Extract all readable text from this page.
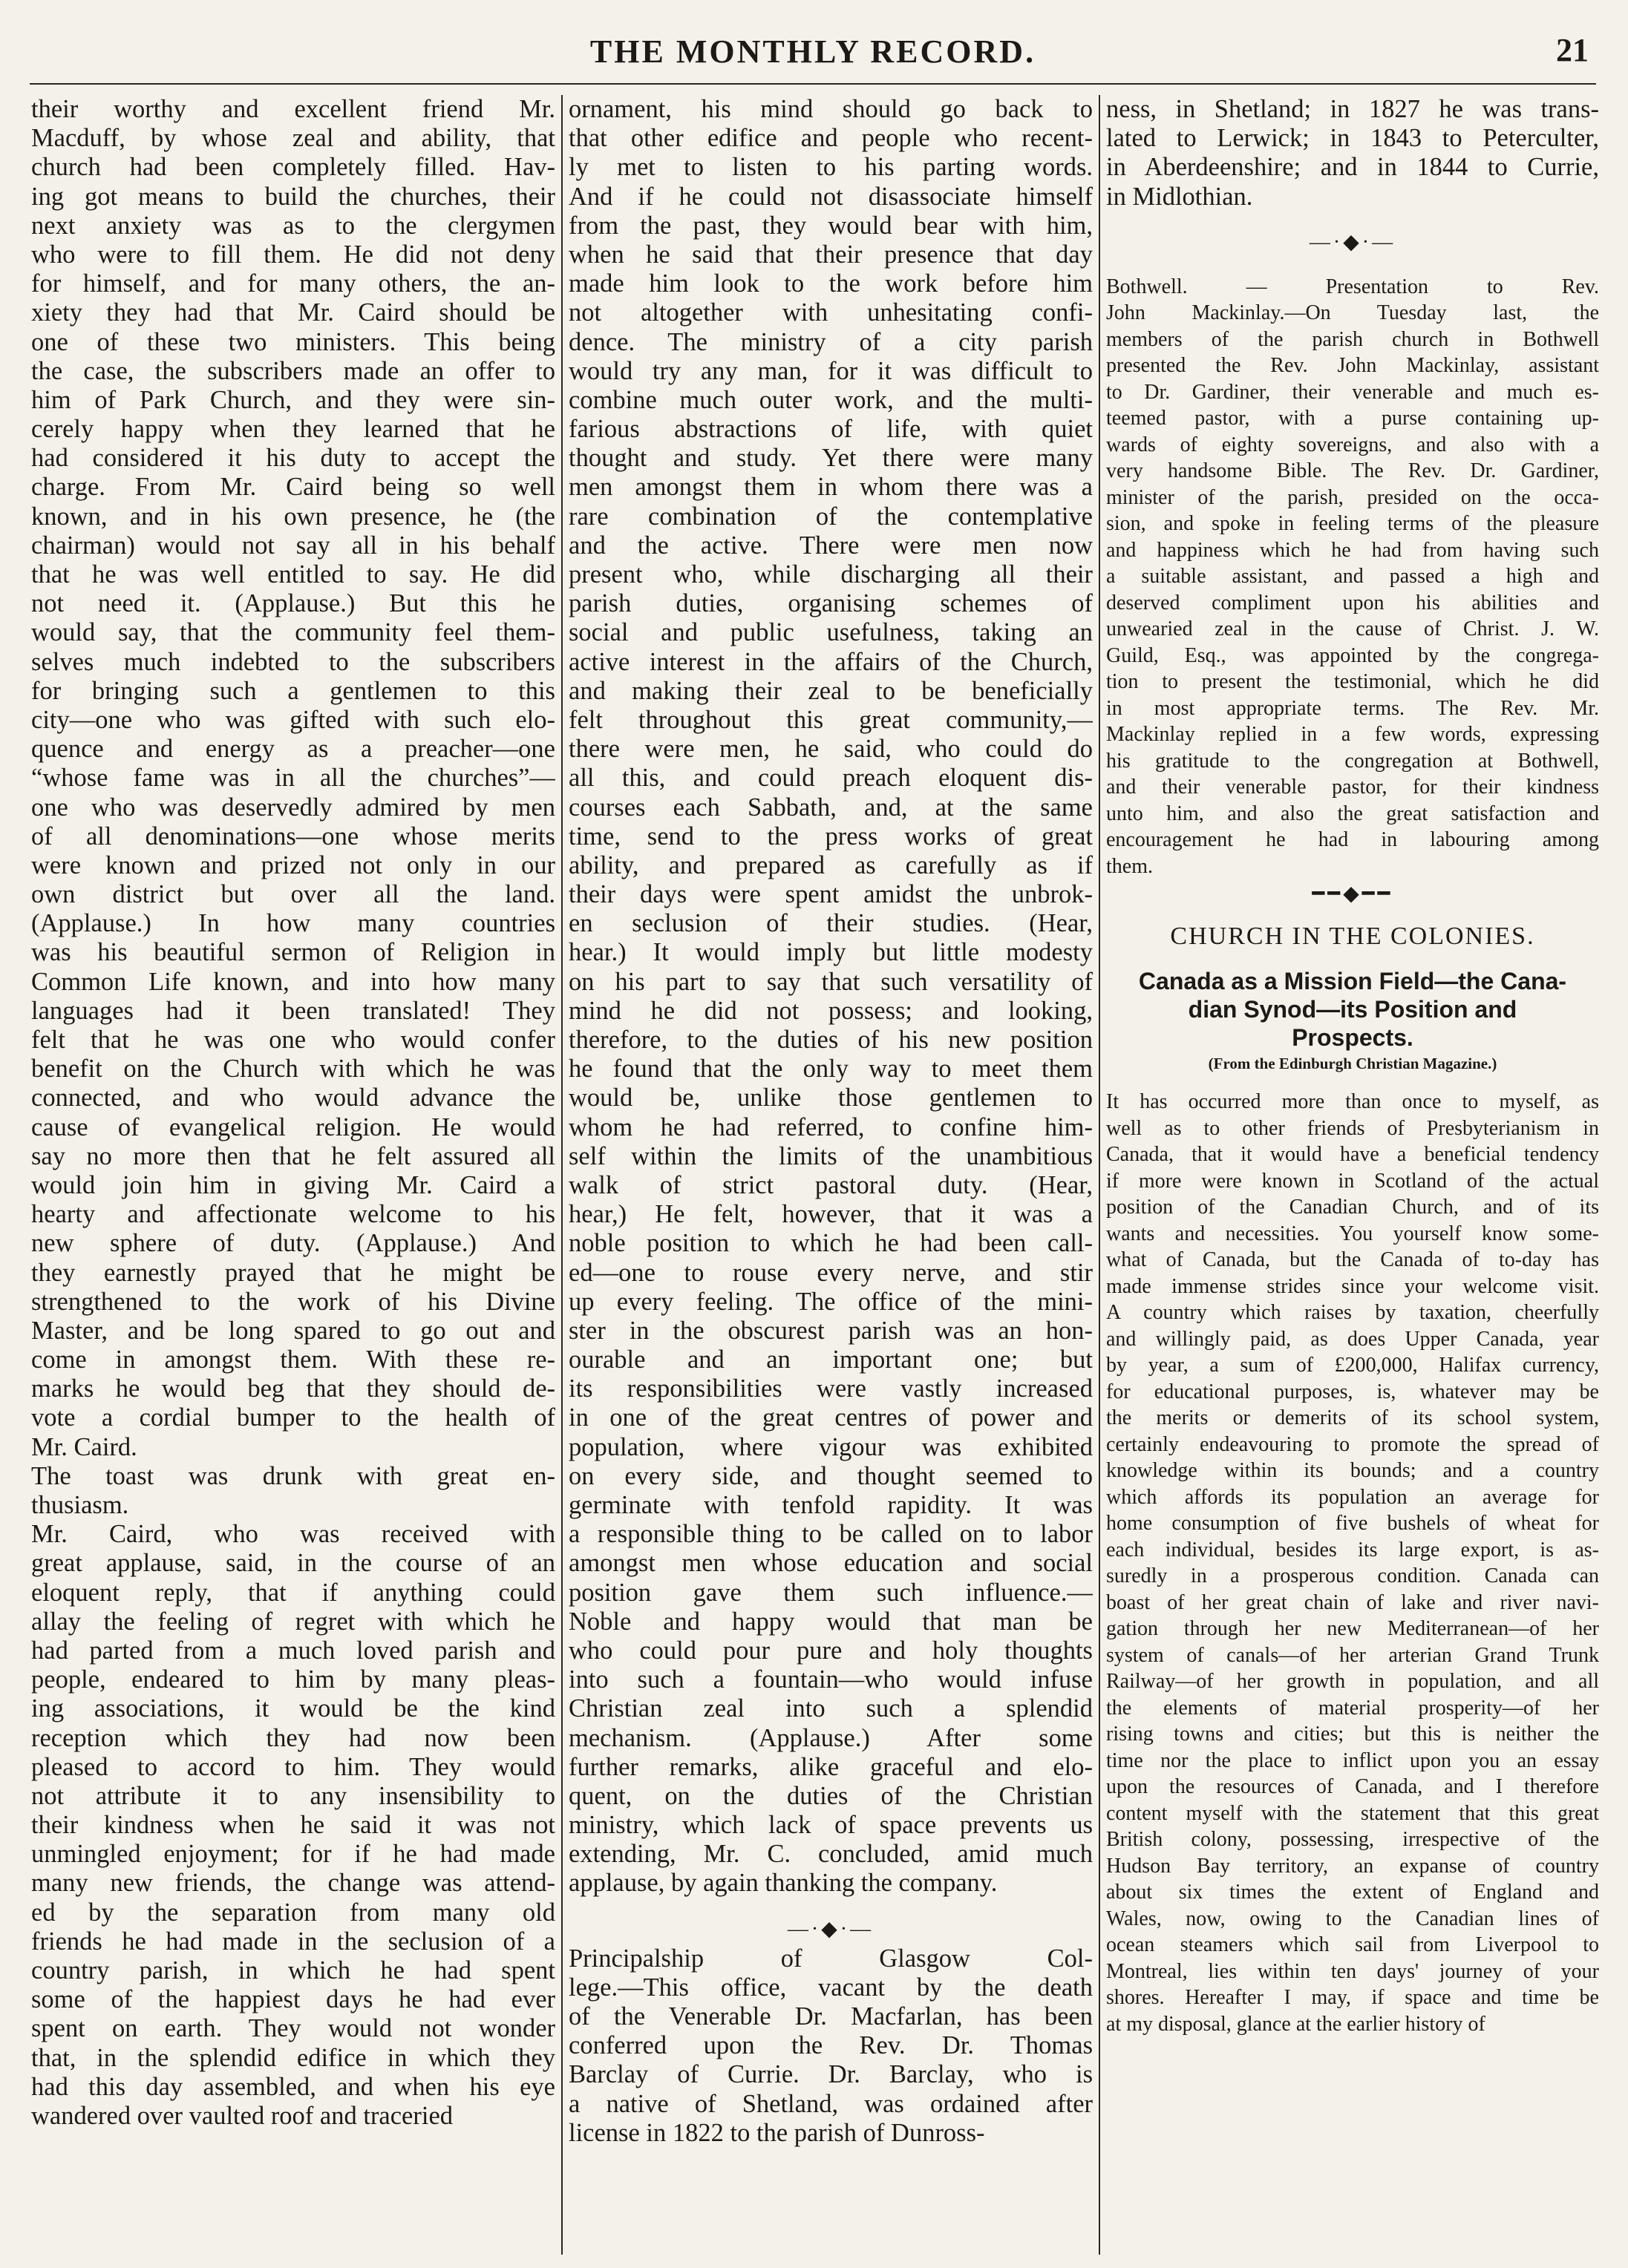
THE MONTHLY RECORD.	21
their worthy and excellent friend Mr.
Macduff, by whose zeal and ability, that
church had been completely filled. Hav-
ing got means to build the churches, their
next anxiety was as to the clergymen
who were to fill them. He did not deny
for himself, and for many others, the an-
xiety they had that Mr. Caird should be
one of these two ministers. This being
the case, the subscribers made an offer to
him of Park Church, and they were sin-
cerely happy when they learned that he
had considered it his duty to accept the
charge. From Mr. Caird being so well
known, and in his own presence, he (the
chairman) would not say all in his behalf
that he was well entitled to say. He did
not need it. (Applause.) But this he
would say, that the community feel them-
selves much indebted to the subscribers
for bringing such a gentlemen to this
city—one who was gifted with such elo-
quence and energy as a preacher—one
“whose fame was in all the churches”—
one who was deservedly admired by men
of all denominations—one whose merits
were known and prized not only in our
own district but over all the land.
(Applause.) In how many countries
was his beautiful sermon of Religion in
Common Life known, and into how many
languages had it been translated! They
felt that he was one who would confer
benefit on the Church with which he was
connected, and who would advance the
cause of evangelical religion. He would
say no more then that he felt assured all
would join him in giving Mr. Caird a
hearty and affectionate welcome to his
new sphere of duty. (Applause.) And
they earnestly prayed that he might be
strengthened to the work of his Divine
Master, and be long spared to go out and
come in amongst them. With these re-
marks he would beg that they should de-
vote a cordial bumper to the health of
Mr. Caird.
The toast was drunk with great en-
thusiasm.
Mr. Caird, who was received with
great applause, said, in the course of an
eloquent reply, that if anything could
allay the feeling of regret with which he
had parted from a much loved parish and
people, endeared to him by many pleas-
ing associations, it would be the kind
reception which they had now been
pleased to accord to him. They would
not attribute it to any insensibility to
their kindness when he said it was not
unmingled enjoyment; for if he had made
many new friends, the change was attend-
ed by the separation from many old
friends he had made in the seclusion of a
country parish, in which he had spent
some of the happiest days he had ever
spent on earth. They would not wonder
that, in the splendid edifice in which they
had this day assembled, and when his eye
wandered over vaulted roof and traceried
ornament, his mind should go back to
that other edifice and people who recent-
ly met to listen to his parting words.
And if he could not disassociate himself
from the past, they would bear with him,
when he said that their presence that day
made him look to the work before him
not altogether with unhesitating confi-
dence. The ministry of a city parish
would try any man, for it was difficult to
combine much outer work, and the multi-
farious abstractions of life, with quiet
thought and study. Yet there were many
men amongst them in whom there was a
rare combination of the contemplative
and the active. There were men now
present who, while discharging all their
parish duties, organising schemes of
social and public usefulness, taking an
active interest in the affairs of the Church,
and making their zeal to be beneficially
felt throughout this great community,—
there were men, he said, who could do
all this, and could preach eloquent dis-
courses each Sabbath, and, at the same
time, send to the press works of great
ability, and prepared as carefully as if
their days were spent amidst the unbrok-
en seclusion of their studies. (Hear,
hear.) It would imply but little modesty
on his part to say that such versatility of
mind he did not possess; and looking,
therefore, to the duties of his new position
he found that the only way to meet them
would be, unlike those gentlemen to
whom he had referred, to confine him-
self within the limits of the unambitious
walk of strict pastoral duty. (Hear,
hear,) He felt, however, that it was a
noble position to which he had been call-
ed—one to rouse every nerve, and stir
up every feeling. The office of the mini-
ster in the obscurest parish was an hon-
ourable and an important one; but
its responsibilities were vastly increased
in one of the great centres of power and
population, where vigour was exhibited
on every side, and thought seemed to
germinate with tenfold rapidity. It was
a responsible thing to be called on to labor
amongst men whose education and social
position gave them such influence.—
Noble and happy would that man be
who could pour pure and holy thoughts
into such a fountain—who would infuse
Christian zeal into such a splendid
mechanism. (Applause.) After some
further remarks, alike graceful and elo-
quent, on the duties of the Christian
ministry, which lack of space prevents us
extending, Mr. C. concluded, amid much
applause, by again thanking the company.
—·◆·—
Principalship of Glasgow Col-
lege.—This office, vacant by the death
of the Venerable Dr. Macfarlan, has been
conferred upon the Rev. Dr. Thomas
Barclay of Currie. Dr. Barclay, who is
a native of Shetland, was ordained after
license in 1822 to the parish of Dunross-
ness, in Shetland; in 1827 he was trans-
lated to Lerwick; in 1843 to Peterculter,
in Aberdeenshire; and in 1844 to Currie,
in Midlothian.
—·◆·—
Bothwell. — Presentation to Rev.
John Mackinlay.—On Tuesday last, the
members of the parish church in Bothwell
presented the Rev. John Mackinlay, assistant
to Dr. Gardiner, their venerable and much es-
teemed pastor, with a purse containing up-
wards of eighty sovereigns, and also with a
very handsome Bible. The Rev. Dr. Gardiner,
minister of the parish, presided on the occa-
sion, and spoke in feeling terms of the pleasure
and happiness which he had from having such
a suitable assistant, and passed a high and
deserved compliment upon his abilities and
unwearied zeal in the cause of Christ. J. W.
Guild, Esq., was appointed by the congrega-
tion to present the testimonial, which he did
in most appropriate terms. The Rev. Mr.
Mackinlay replied in a few words, expressing
his gratitude to the congregation at Bothwell,
and their venerable pastor, for their kindness
unto him, and also the great satisfaction and
encouragement he had in labouring among
them.
━━◆━━
CHURCH IN THE COLONIES.
Canada as a Mission Field—the Cana-
dian Synod—its Position and
Prospects.
(From the Edinburgh Christian Magazine.)
It has occurred more than once to myself, as
well as to other friends of Presbyterianism in
Canada, that it would have a beneficial tendency
if more were known in Scotland of the actual
position of the Canadian Church, and of its
wants and necessities. You yourself know some-
what of Canada, but the Canada of to-day has
made immense strides since your welcome visit.
A country which raises by taxation, cheerfully
and willingly paid, as does Upper Canada, year
by year, a sum of £200,000, Halifax currency,
for educational purposes, is, whatever may be
the merits or demerits of its school system,
certainly endeavouring to promote the spread of
knowledge within its bounds; and a country
which affords its population an average for
home consumption of five bushels of wheat for
each individual, besides its large export, is as-
suredly in a prosperous condition. Canada can
boast of her great chain of lake and river navi-
gation through her new Mediterranean—of her
system of canals—of her arterian Grand Trunk
Railway—of her growth in population, and all
the elements of material prosperity—of her
rising towns and cities; but this is neither the
time nor the place to inflict upon you an essay
upon the resources of Canada, and I therefore
content myself with the statement that this great
British colony, possessing, irrespective of the
Hudson Bay territory, an expanse of country
about six times the extent of England and
Wales, now, owing to the Canadian lines of
ocean steamers which sail from Liverpool to
Montreal, lies within ten days' journey of your
shores. Hereafter I may, if space and time be
at my disposal, glance at the earlier history of
